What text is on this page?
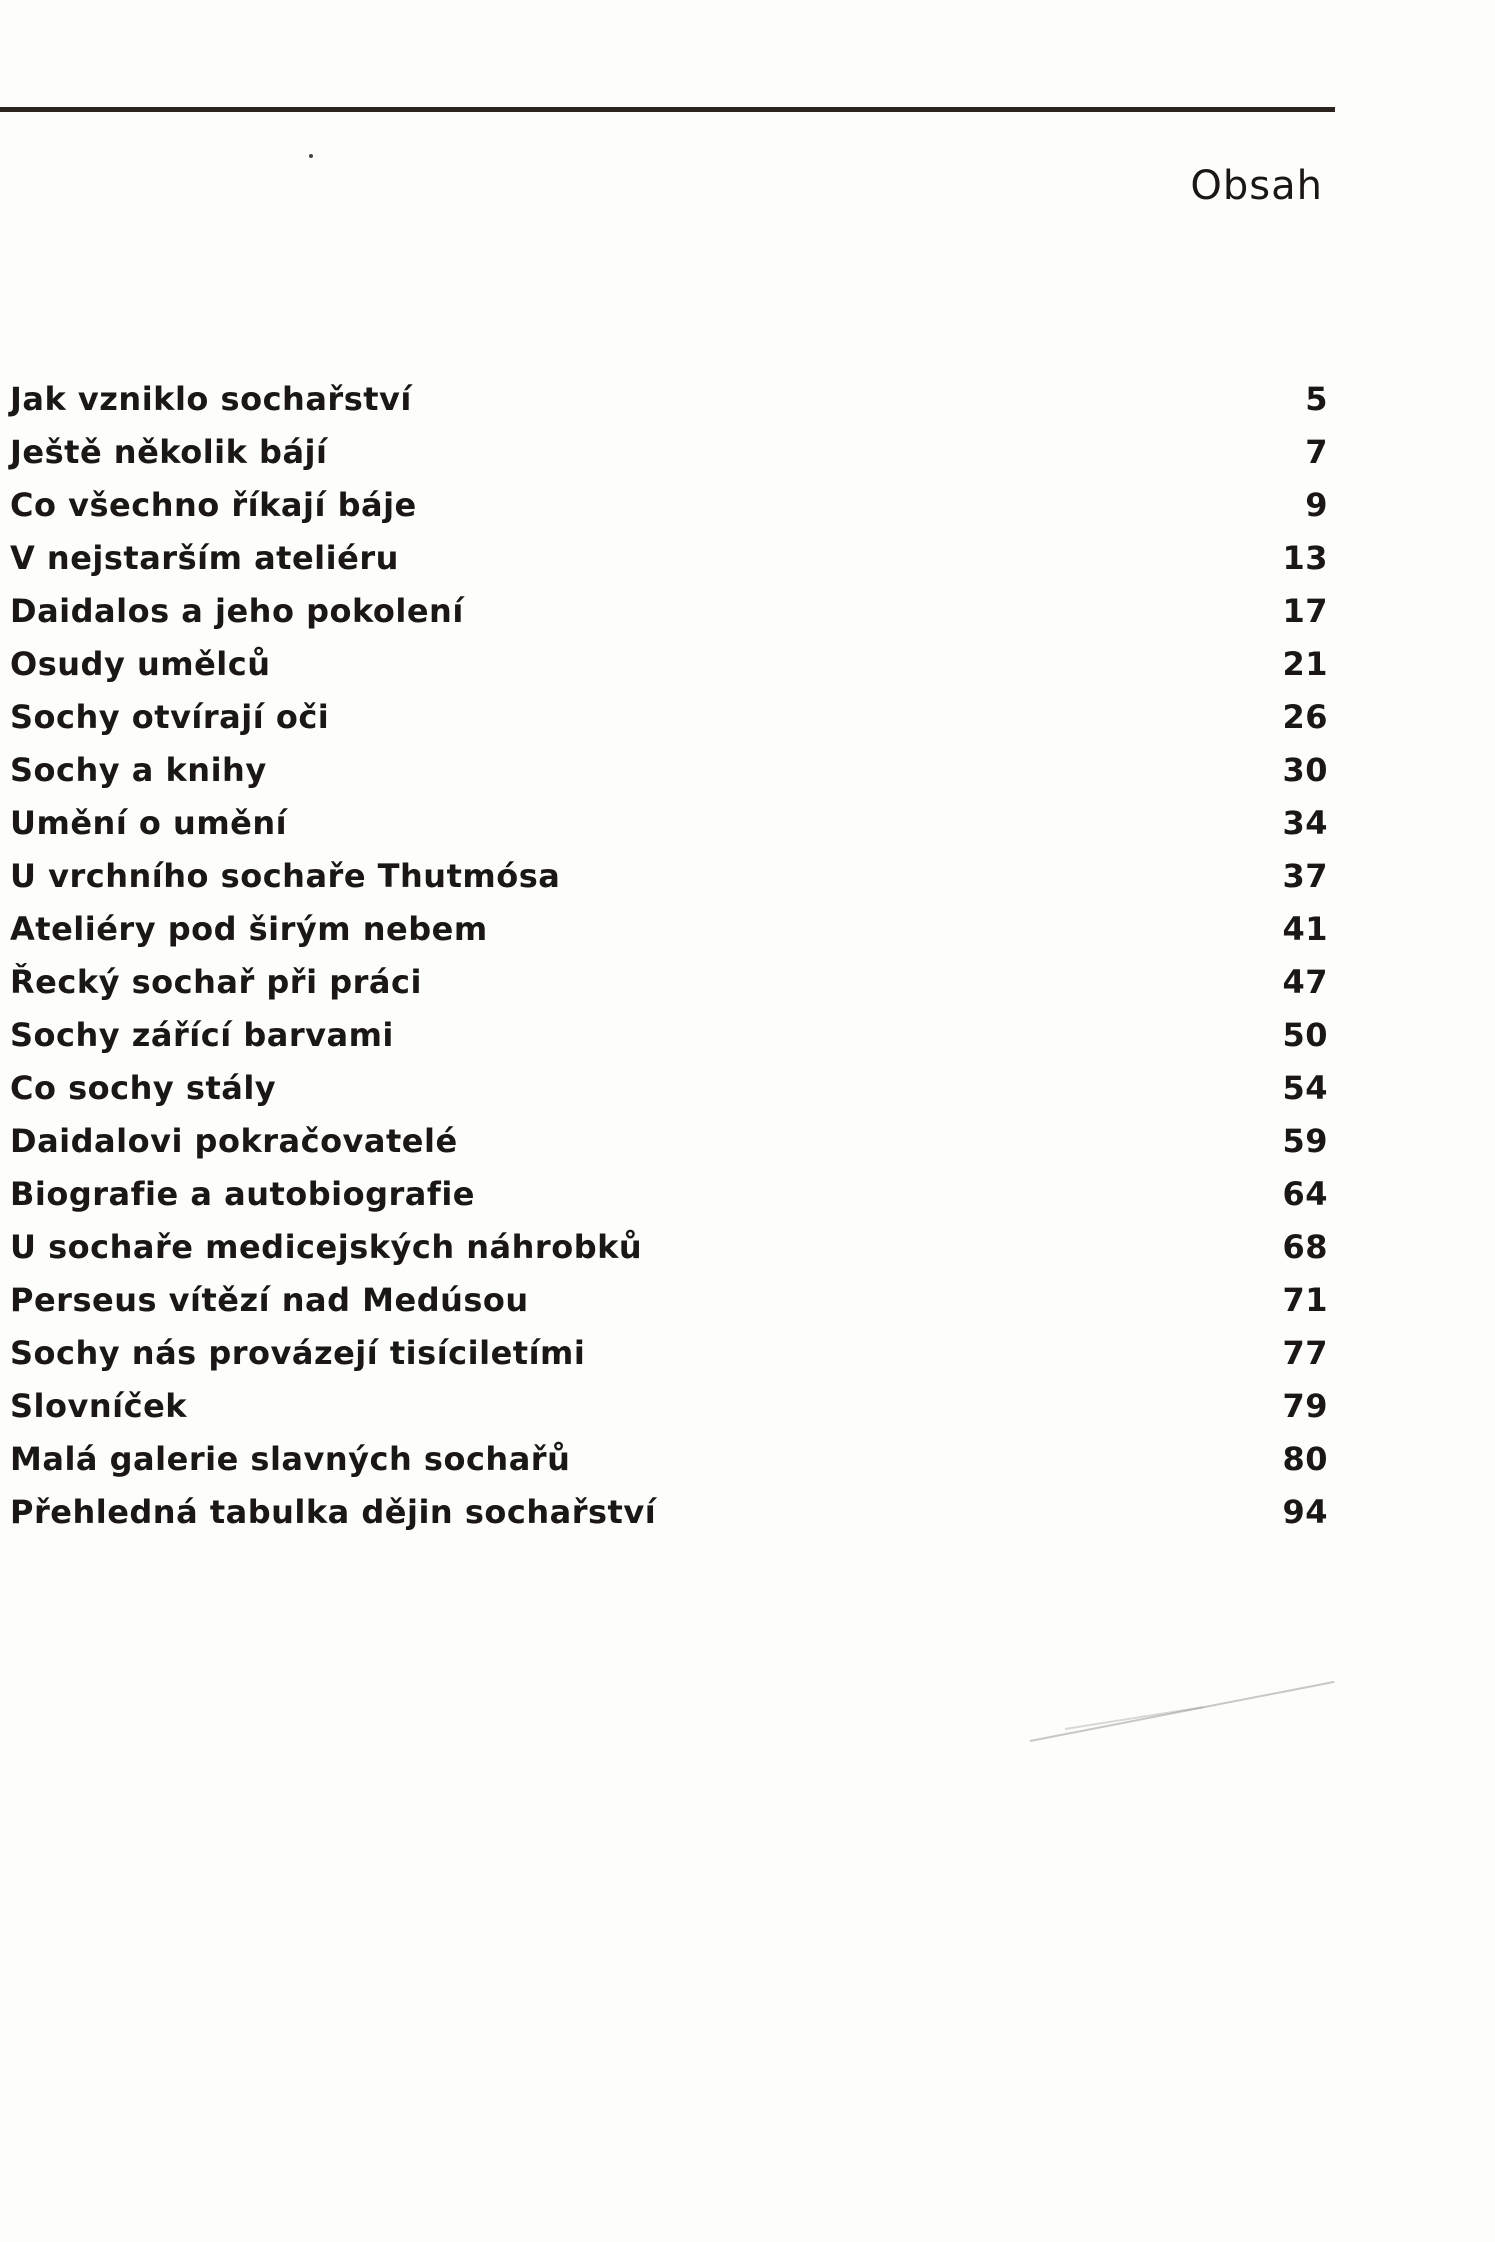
Obsah
Jak vzniklo sochařství	5
Ještě několik bájí	7
Co všechno říkají báje	9
V nejstarším ateliéru	13
Daidalos a jeho pokolení	17
Osudy umělců	21
Sochy otvírají oči	26
Sochy a knihy	30
Umění o umění	34
U vrchního sochaře Thutmósa	37
Ateliéry pod širým nebem	41
Řecký sochař při práci	47
Sochy zářící barvami	50
Co sochy stály	54
Daidalovi pokračovatelé	59
Biografie a autobiografie	64
U sochaře medicejských náhrobků	68
Perseus vítězí nad Medúsou	71
Sochy nás provázejí tisíciletími	77
Slovníček	79
Malá galerie slavných sochařů	80
Přehledná tabulka dějin sochařství	94
